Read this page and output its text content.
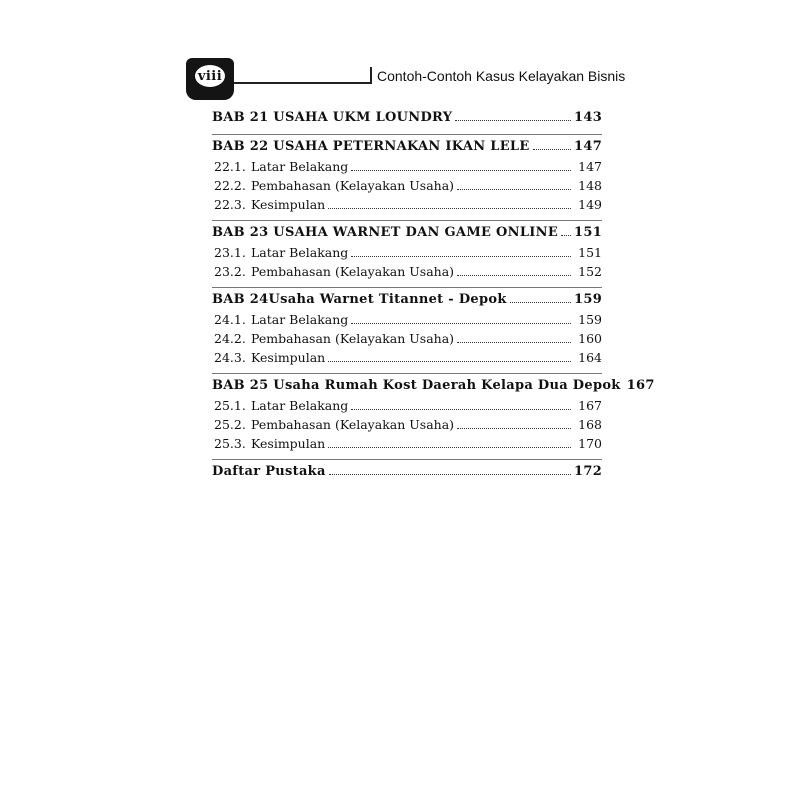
viii	Contoh-Contoh Kasus Kelayakan Bisnis
BAB 21 USAHA UKM LOUNDRY	143
BAB 22 USAHA PETERNAKAN IKAN LELE	147
22.1. Latar Belakang	147
22.2. Pembahasan (Kelayakan Usaha)	148
22.3. Kesimpulan	149
BAB 23 USAHA WARNET DAN GAME ONLINE 151
23.1. Latar Belakang	151
23.2. Pembahasan (Kelayakan Usaha)	152
BAB 24Usaha Warnet Titannet - Depok	159
24.1. Latar Belakang	159
24.2. Pembahasan (Kelayakan Usaha)	160
24.3. Kesimpulan	164
BAB 25 Usaha Rumah Kost Daerah Kelapa Dua Depok 167
25.1. Latar Belakang	167
25.2. Pembahasan (Kelayakan Usaha)	168
25.3. Kesimpulan	170
Daftar Pustaka	172
